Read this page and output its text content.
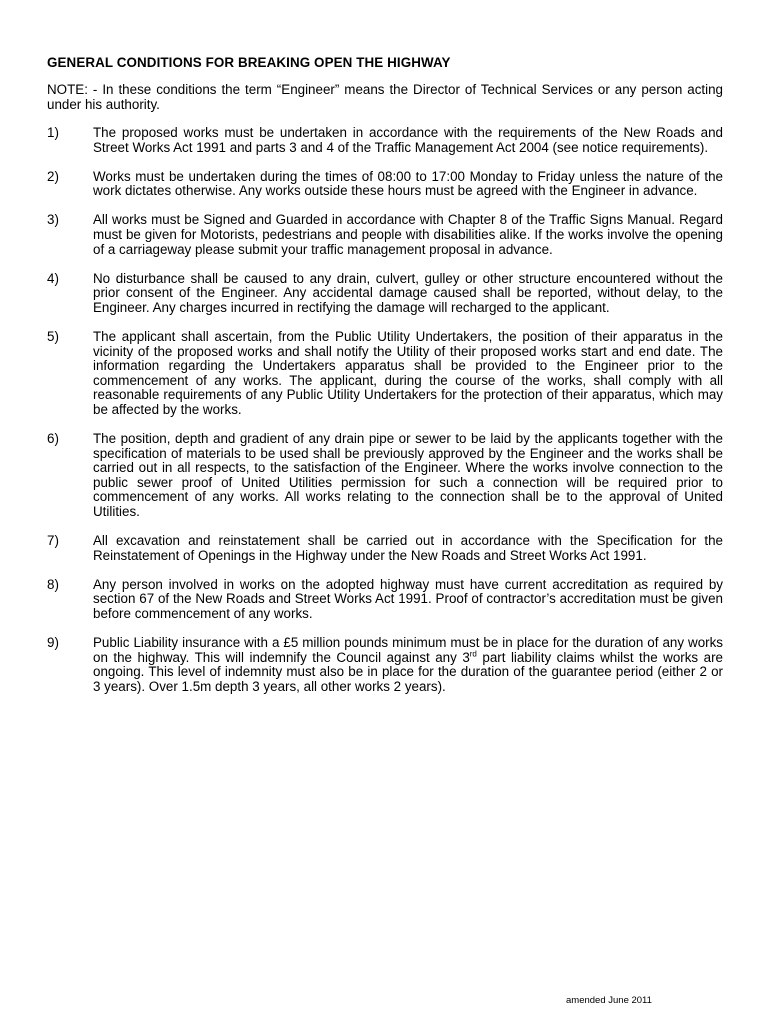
GENERAL CONDITIONS FOR BREAKING OPEN THE HIGHWAY
NOTE: - In these conditions the term “Engineer” means the Director of Technical Services or any person acting under his authority.
1)	The proposed works must be undertaken in accordance with the requirements of the New Roads and Street Works Act 1991 and parts 3 and 4 of the Traffic Management Act 2004 (see notice requirements).
2)	Works must be undertaken during the times of 08:00 to 17:00 Monday to Friday unless the nature of the work dictates otherwise. Any works outside these hours must be agreed with the Engineer in advance.
3)	All works must be Signed and Guarded in accordance with Chapter 8 of the Traffic Signs Manual. Regard must be given for Motorists, pedestrians and people with disabilities alike. If the works involve the opening of a carriageway please submit your traffic management proposal in advance.
4)	No disturbance shall be caused to any drain, culvert, gulley or other structure encountered without the prior consent of the Engineer. Any accidental damage caused shall be reported, without delay, to the Engineer. Any charges incurred in rectifying the damage will recharged to the applicant.
5)	The applicant shall ascertain, from the Public Utility Undertakers, the position of their apparatus in the vicinity of the proposed works and shall notify the Utility of their proposed works start and end date. The information regarding the Undertakers apparatus shall be provided to the Engineer prior to the commencement of any works. The applicant, during the course of the works, shall comply with all reasonable requirements of any Public Utility Undertakers for the protection of their apparatus, which may be affected by the works.
6)	The position, depth and gradient of any drain pipe or sewer to be laid by the applicants together with the specification of materials to be used shall be previously approved by the Engineer and the works shall be carried out in all respects, to the satisfaction of the Engineer. Where the works involve connection to the public sewer proof of United Utilities permission for such a connection will be required prior to commencement of any works. All works relating to the connection shall be to the approval of United Utilities.
7)	All excavation and reinstatement shall be carried out in accordance with the Specification for the Reinstatement of Openings in the Highway under the New Roads and Street Works Act 1991.
8)	Any person involved in works on the adopted highway must have current accreditation as required by section 67 of the New Roads and Street Works Act 1991. Proof of contractor’s accreditation must be given before commencement of any works.
9)	Public Liability insurance with a £5 million pounds minimum must be in place for the duration of any works on the highway. This will indemnify the Council against any 3rd part liability claims whilst the works are ongoing. This level of indemnity must also be in place for the duration of the guarantee period (either 2 or 3 years). Over 1.5m depth 3 years, all other works 2 years).
amended June 2011
